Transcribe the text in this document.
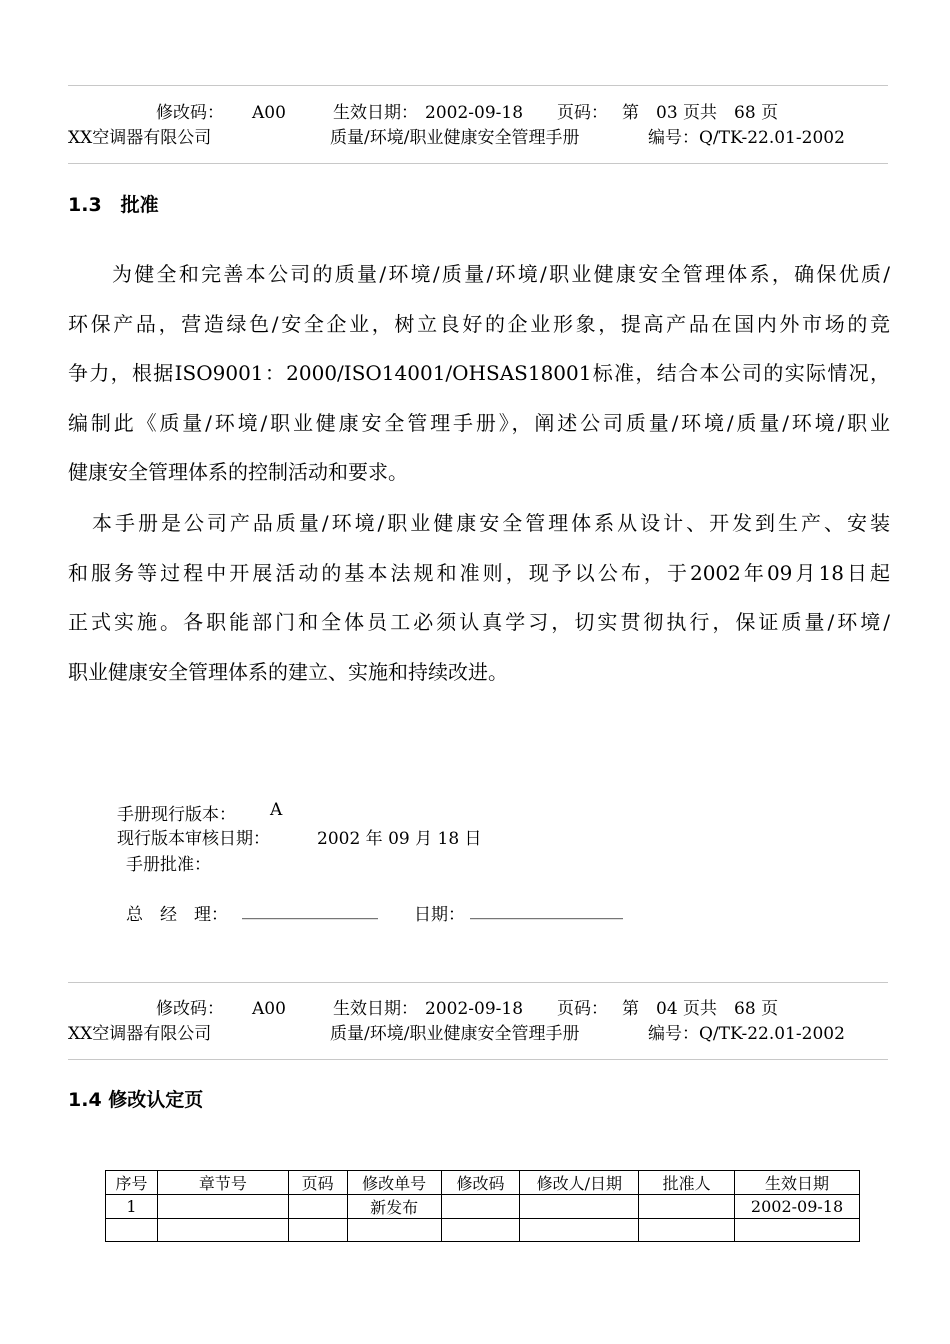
修改码： A00	生效日期： 2002-09-18 页码： 第　03 页共　68 页
XX空调器有限公司	质量/环境/职业健康安全管理手册	编号：Q/TK-22.01-2002
1.3　批准
为健全和完善本公司的质量/环境/质量/环境/职业健康安全管理体系，确保优质/
环保产品，营造绿色/安全企业，树立良好的企业形象，提高产品在国内外市场的竞
争力，根据ISO9001：2000/ISO14001/OHSAS18001标准，结合本公司的实际情况，
编制此《质量/环境/职业健康安全管理手册》，阐述公司质量/环境/质量/环境/职业
健康安全管理体系的控制活动和要求。
本手册是公司产品质量/环境/职业健康安全管理体系从设计、开发到生产、安装
和服务等过程中开展活动的基本法规和准则，现予以公布，于2002年09月18日起
正式实施。各职能部门和全体员工必须认真学习，切实贯彻执行，保证质量/环境/
职业健康安全管理体系的建立、实施和持续改进。
手册现行版本： A
现行版本审核日期：	2002 年 09 月 18 日
手册批准：
总　经　理： ________________ 日期： __________________
修改码： A00	生效日期： 2002-09-18 页码： 第　04 页共　68 页
XX空调器有限公司	质量/环境/职业健康安全管理手册	编号：Q/TK-22.01-2002
1.4 修改认定页
序号	章节号	页码	修改单号	修改码	修改人/日期	批准人	生效日期
1			新发布				2002-09-18
